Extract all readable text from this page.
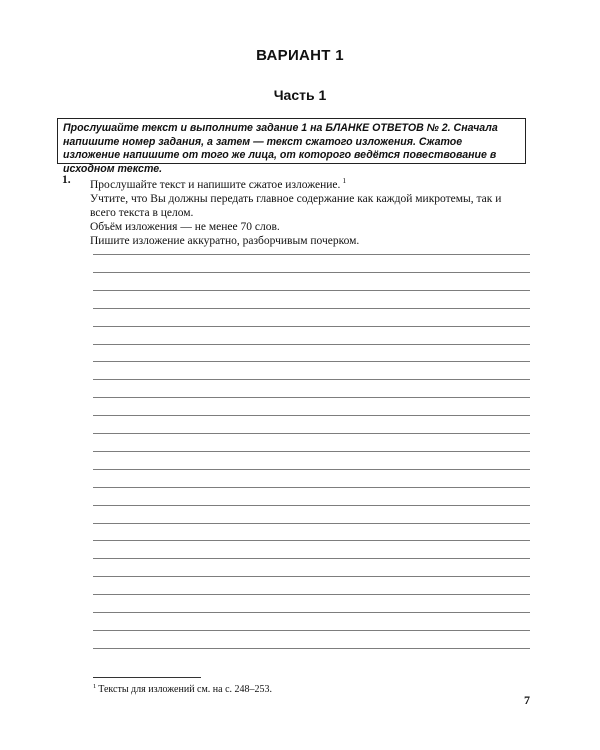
ВАРИАНТ 1
Часть 1
Прослушайте текст и выполните задание 1 на БЛАНКЕ ОТВЕТОВ № 2. Сначала напишите номер задания, а затем — текст сжатого изложения. Сжатое изложение напишите от того же лица, от которого ведётся повествование в исходном тексте.
1. Прослушайте текст и напишите сжатое изложение. $^1$

Учтите, что Вы должны передать главное содержание как каждой микротемы, так и всего текста в целом.

Объём изложения — не менее 70 слов.

Пишите изложение аккуратно, разборчивым почерком.

$^1$ Тексты для изложений см. на с. 248–253.
7
